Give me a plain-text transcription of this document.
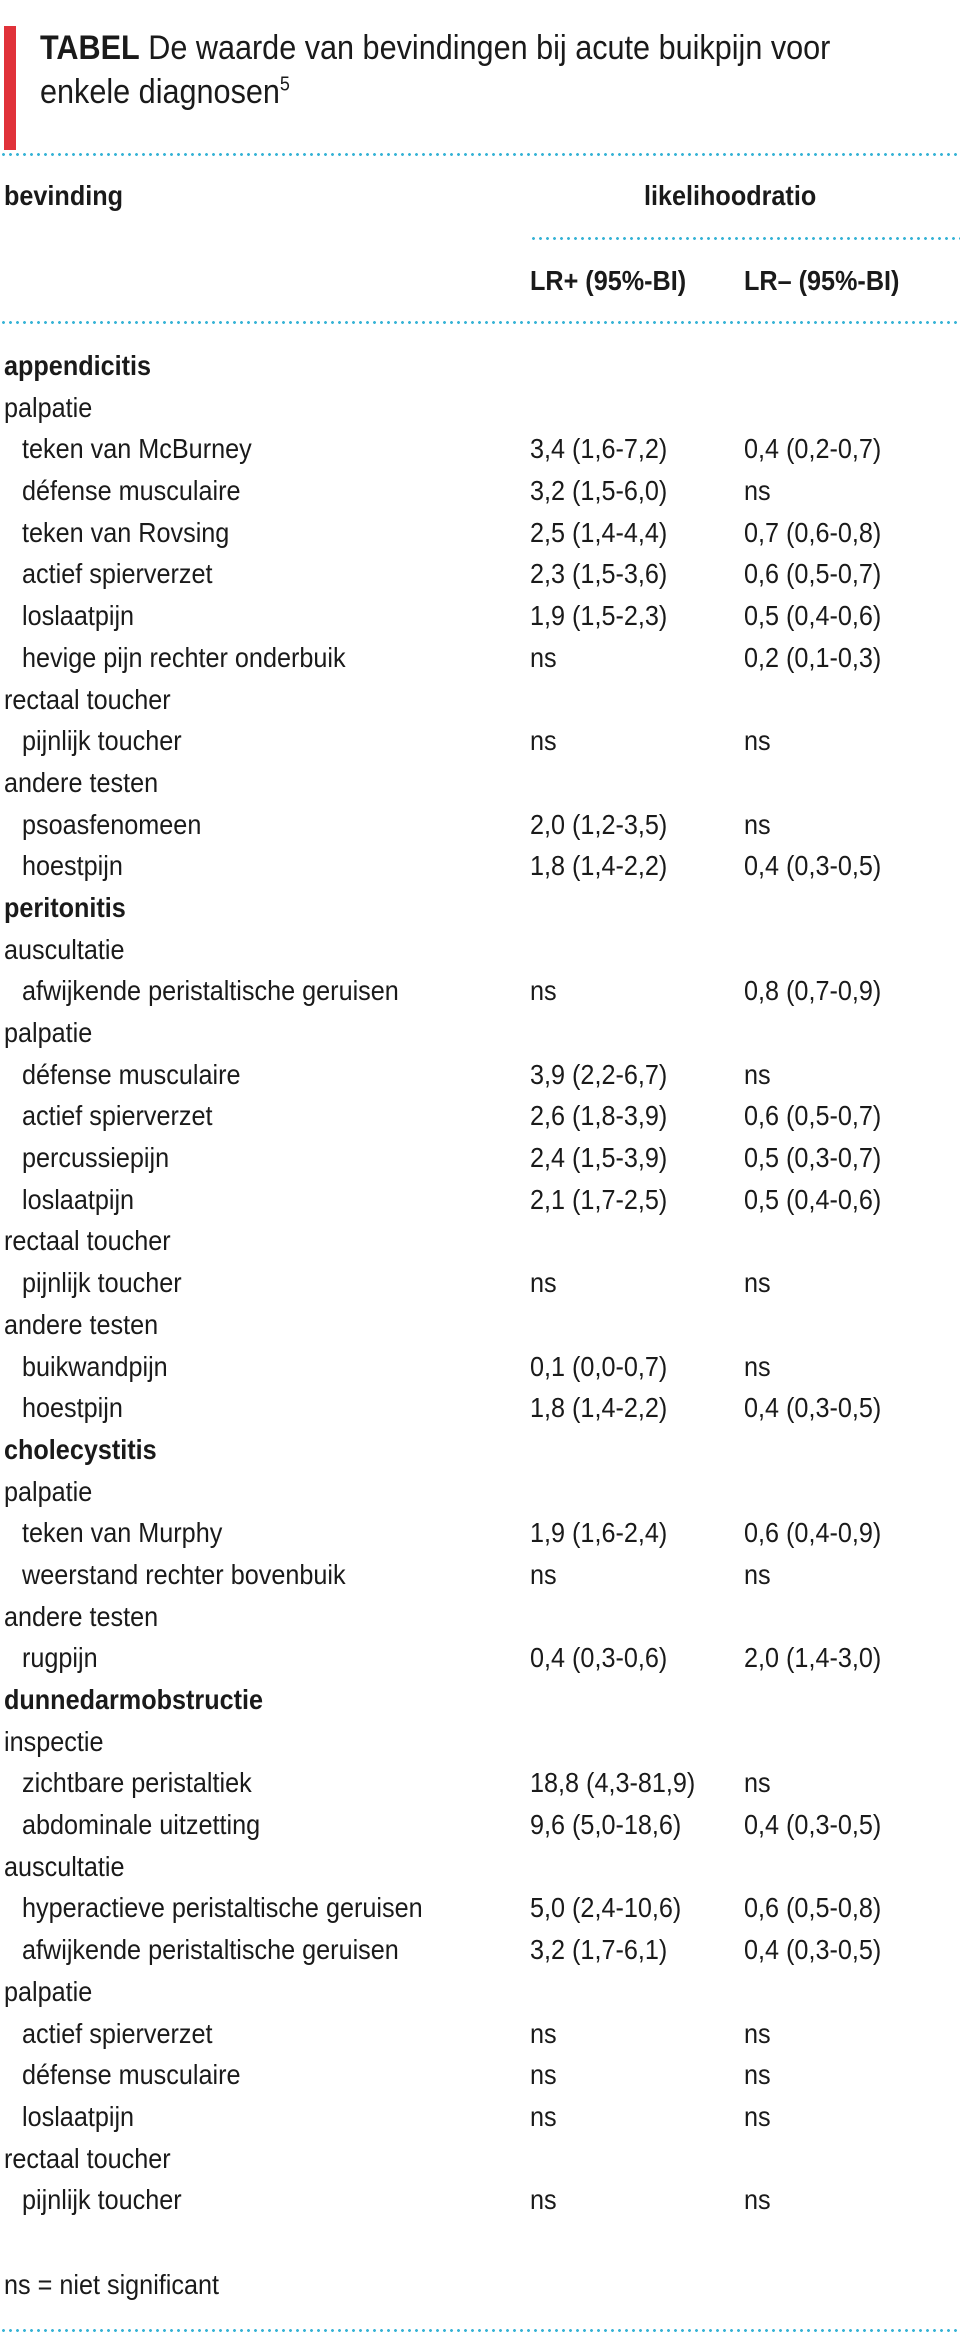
TABEL De waarde van bevindingen bij acute buikpijn voor enkele diagnosen$^5$
bevinding	likelihoodratio
LR+ (95%-BI) LR– (95%-BI)
appendicitis
palpatie
teken van McBurney	3,4 (1,6-7,2)	0,4 (0,2-0,7)
défense musculaire	3,2 (1,5-6,0)	ns
teken van Rovsing	2,5 (1,4-4,4)	0,7 (0,6-0,8)
actief spierverzet	2,3 (1,5-3,6)	0,6 (0,5-0,7)
loslaatpijn	1,9 (1,5-2,3)	0,5 (0,4-0,6)
hevige pijn rechter onderbuik	ns	0,2 (0,1-0,3)
rectaal toucher
pijnlijk toucher	ns	ns
andere testen
psoasfenomeen	2,0 (1,2-3,5)	ns
hoestpijn	1,8 (1,4-2,2)	0,4 (0,3-0,5)
peritonitis
auscultatie
afwijkende peristaltische geruisen	ns	0,8 (0,7-0,9)
palpatie
défense musculaire	3,9 (2,2-6,7)	ns
actief spierverzet	2,6 (1,8-3,9)	0,6 (0,5-0,7)
percussiepijn	2,4 (1,5-3,9)	0,5 (0,3-0,7)
loslaatpijn	2,1 (1,7-2,5)	0,5 (0,4-0,6)
rectaal toucher
pijnlijk toucher	ns	ns
andere testen
buikwandpijn	0,1 (0,0-0,7)	ns
hoestpijn	1,8 (1,4-2,2)	0,4 (0,3-0,5)
cholecystitis
palpatie
teken van Murphy	1,9 (1,6-2,4)	0,6 (0,4-0,9)
weerstand rechter bovenbuik	ns	ns
andere testen
rugpijn	0,4 (0,3-0,6)	2,0 (1,4-3,0)
dunnedarmobstructie
inspectie
zichtbare peristaltiek	18,8 (4,3-81,9) ns
abdominale uitzetting	9,6 (5,0-18,6) 0,4 (0,3-0,5)
auscultatie
hyperactieve peristaltische geruisen	5,0 (2,4-10,6) 0,6 (0,5-0,8)
afwijkende peristaltische geruisen	3,2 (1,7-6,1)	0,4 (0,3-0,5)
palpatie
actief spierverzet	ns	ns
défense musculaire	ns	ns
loslaatpijn	ns	ns
rectaal toucher
pijnlijk toucher	ns	ns
ns = niet significant
